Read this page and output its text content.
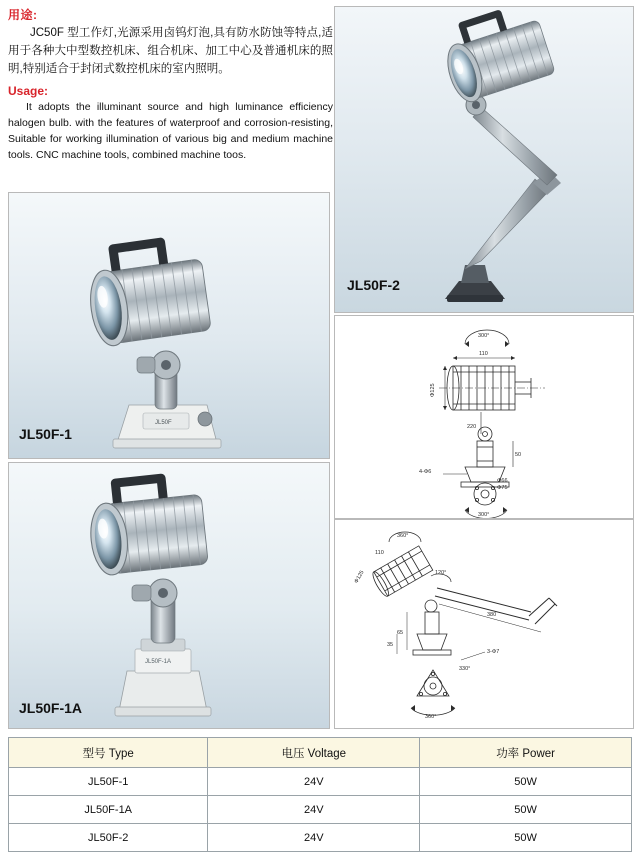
用途:

JC50F 型工作灯,光源采用卤钨灯泡,具有防水防蚀等特点,适用于各种大中型数控机床、组合机床、加工中心及普通机床的照明,特别适合于封闭式数控机床的室内照明。

Usage:

It adopts the illuminant source and high luminance efficiency halogen bulb. with the features of waterproof and corrosion-resisting, Suitable for working illumination of various big and medium machine tools. CNC machine tools, combined machine toos.

JL50F-2
JL50F
JL50F-1
JL50F-1A
JL50F-1A
300°
110
Φ125
220
50
4-Φ6
Φ66
Φ75
300°
360°
110
Φ125	120°
380
65
35
3-Φ7
360°
330°
型号 Type	电压 Voltage	功率 Power
JL50F-1	24V	50W
JL50F-1A	24V	50W
JL50F-2	24V	50W
